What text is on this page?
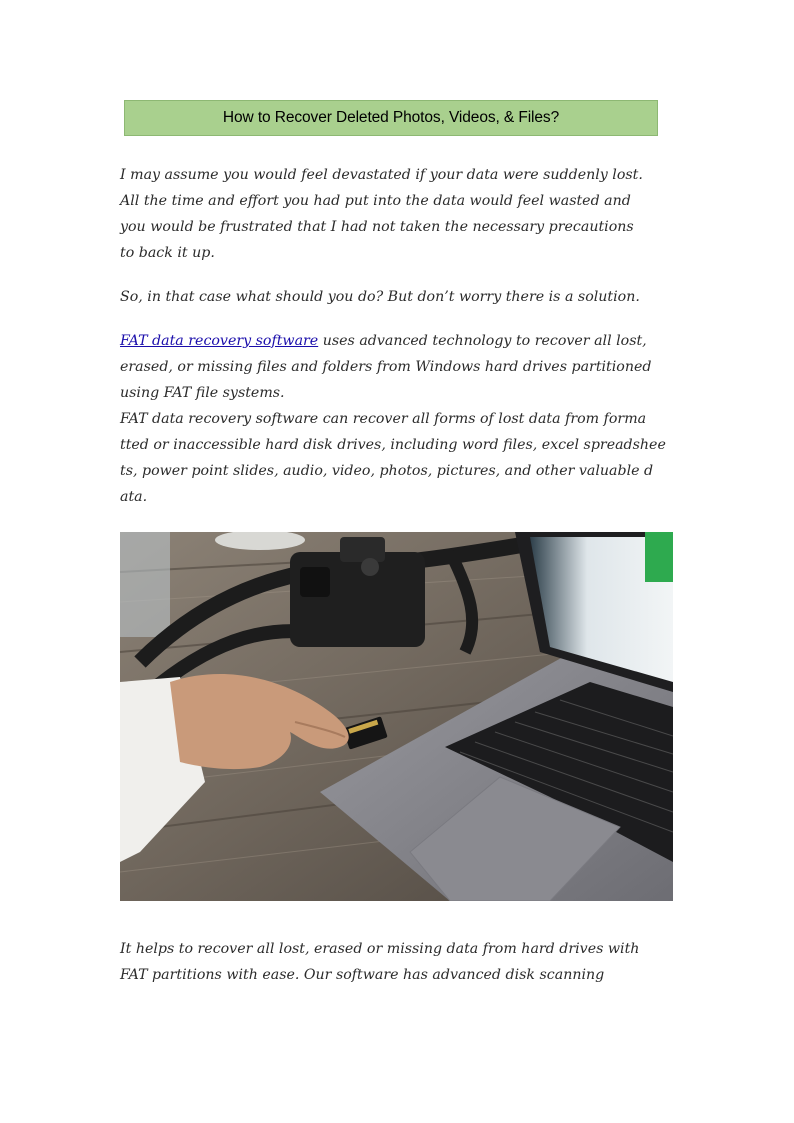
How to Recover Deleted Photos, Videos, & Files?

I may assume you would feel devastated if your data were suddenly lost.
All the time and effort you had put into the data would feel wasted and
you would be frustrated that I had not taken the necessary precautions
to back it up.

So, in that case what should you do? But don’t worry there is a solution.

FAT data recovery software uses advanced technology to recover all lost,
erased, or missing files and folders from Windows hard drives partitioned
using FAT file systems.
FAT data recovery software can recover all forms of lost data from forma
tted or inaccessible hard disk drives, including word files, excel spreadshee
ts, power point slides, audio, video, photos, pictures, and other valuable d
ata.

It helps to recover all lost, erased or missing data from hard drives with
FAT partitions with ease. Our software has advanced disk scanning
